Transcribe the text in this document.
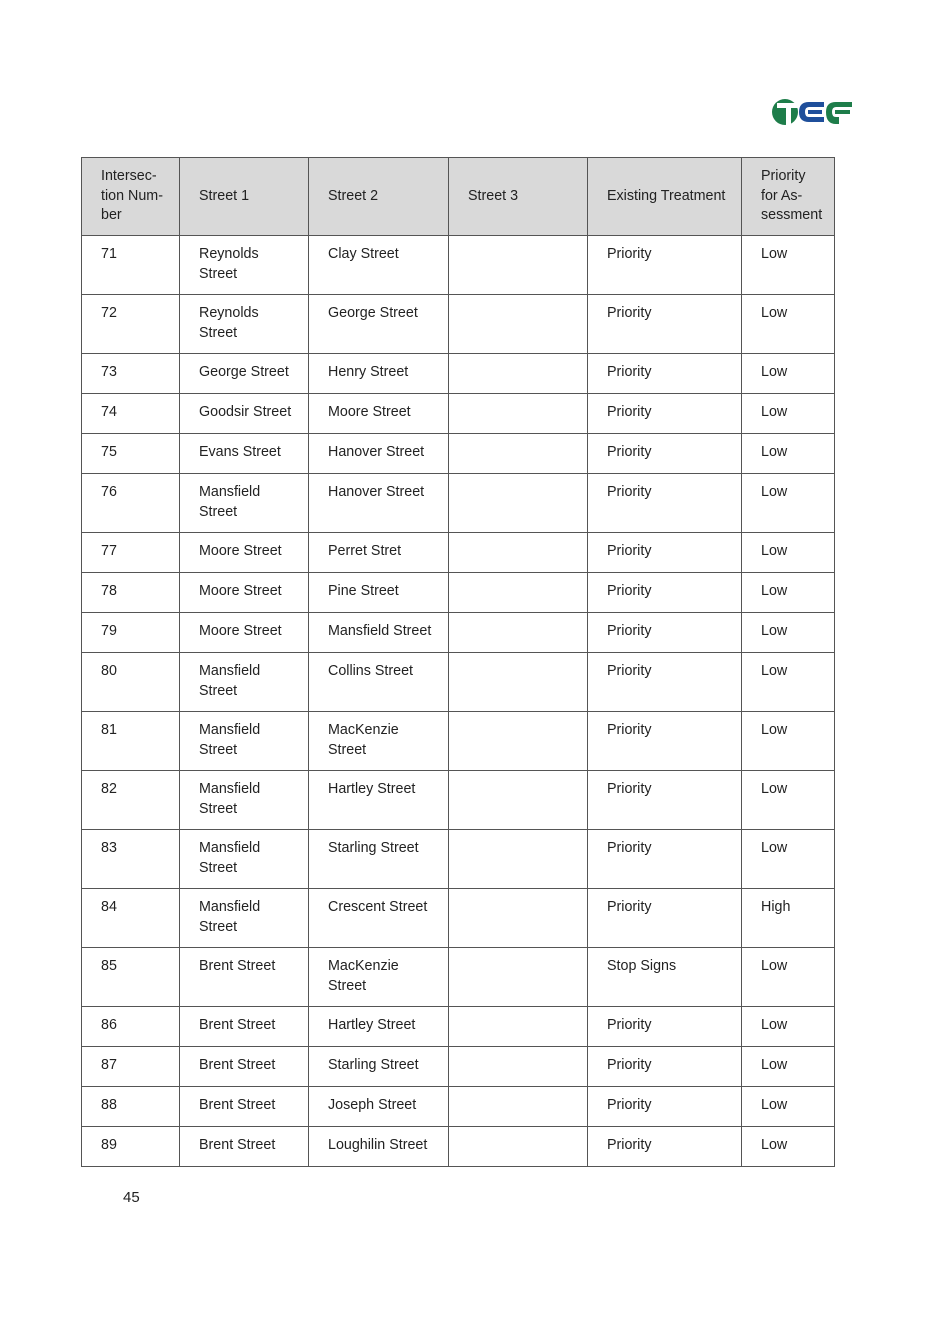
Intersec-tion Num-ber	Street 1	Street 2	Street 3	Existing Treatment	Priority for As-sessment
71	Reynolds Street	Clay Street		Priority	Low
72	Reynolds Street	George Street		Priority	Low
73	George Street	Henry Street		Priority	Low
74	Goodsir Street	Moore Street		Priority	Low
75	Evans Street	Hanover Street		Priority	Low
76	Mansfield Street	Hanover Street		Priority	Low
77	Moore Street	Perret Stret		Priority	Low
78	Moore Street	Pine Street		Priority	Low
79	Moore Street	Mansfield Street		Priority	Low
80	Mansfield Street	Collins Street		Priority	Low
81	Mansfield Street	MacKenzie Street		Priority	Low
82	Mansfield Street	Hartley Street		Priority	Low
83	Mansfield Street	Starling Street		Priority	Low
84	Mansfield Street	Crescent Street		Priority	High
85	Brent Street	MacKenzie Street		Stop Signs	Low
86	Brent Street	Hartley Street		Priority	Low
87	Brent Street	Starling Street		Priority	Low
88	Brent Street	Joseph Street		Priority	Low
89	Brent Street	Loughilin Street		Priority	Low
45
